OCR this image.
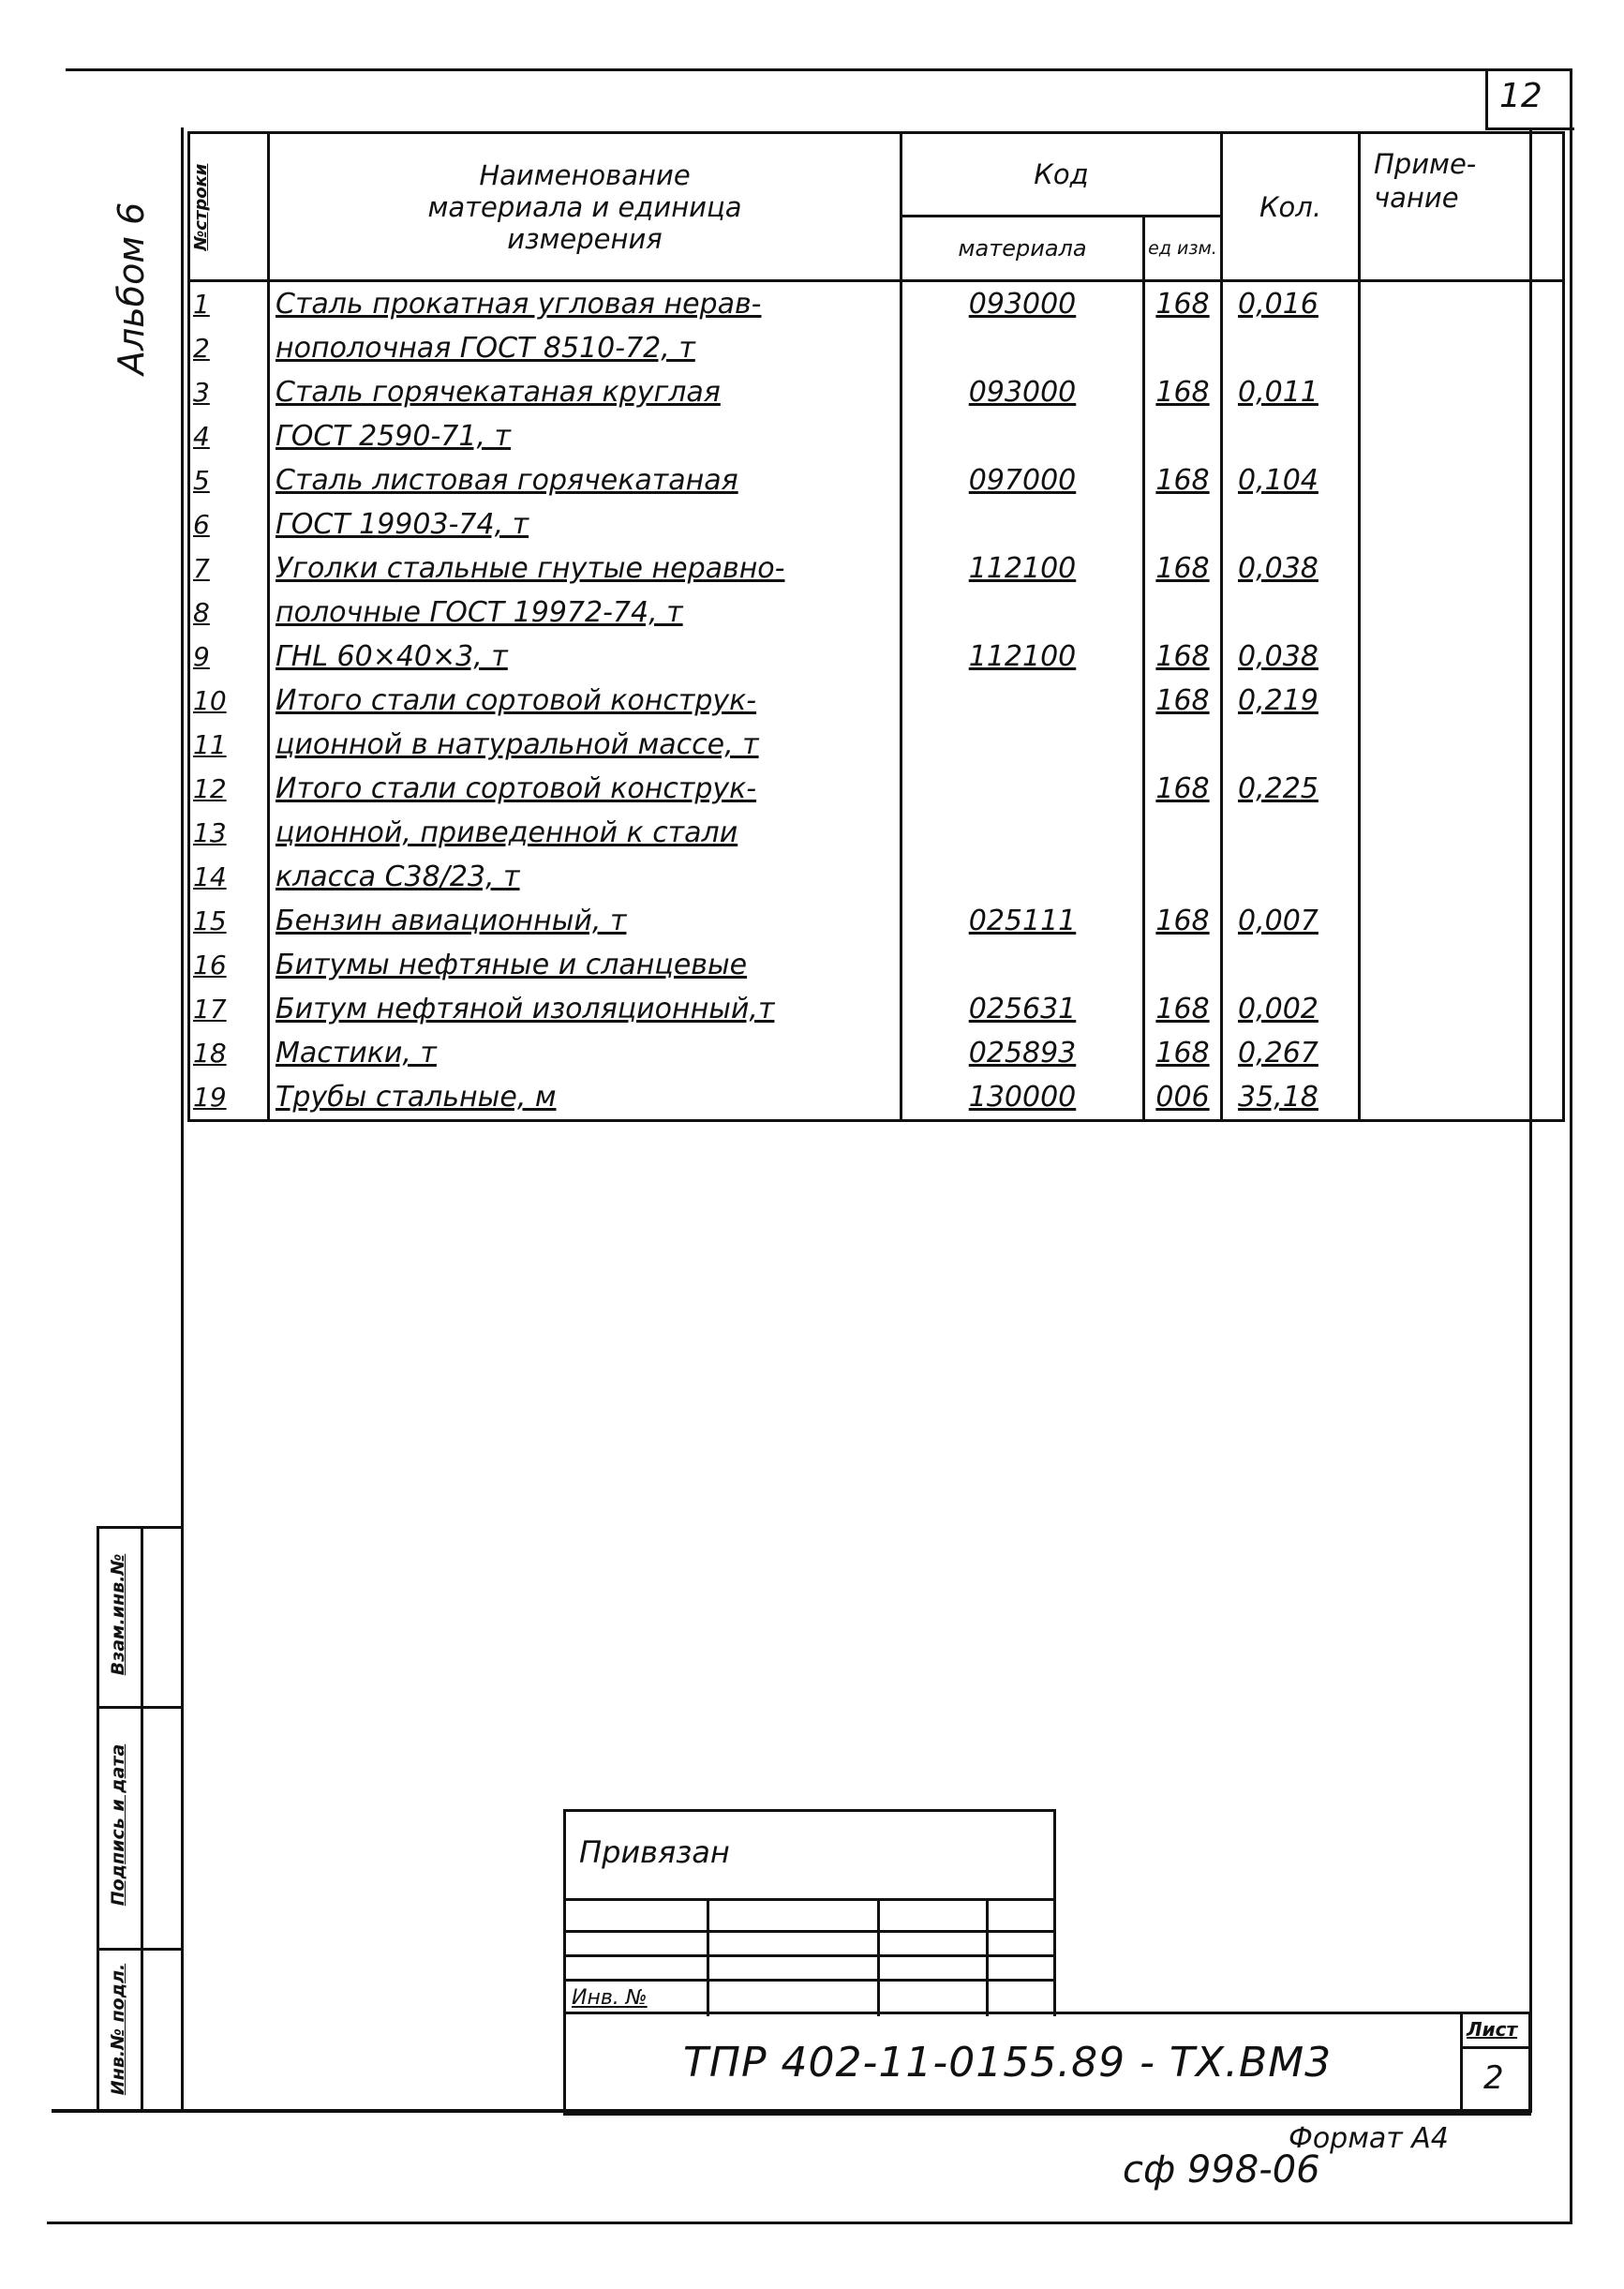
12
Альбом 6
Взам.инв.№
Подпись и дата
Инв.№ подл.
№строки	Наименование
материала и единица
измерения	Код		Кол.	Приме- чание
		материала	ед изм.		
1	Сталь прокатная угловая нерав-	093000	168	0,016	
2	нополочная ГОСТ 8510-72, т				
3	Сталь горячекатаная круглая	093000	168	0,011	
4	ГОСТ 2590-71, т				
5	Сталь листовая горячекатаная	097000	168	0,104	
6	ГОСТ 19903-74, т				
7	Уголки стальные гнутые неравно-	112100	168	0,038	
8	полочные ГОСТ 19972-74, т				
9	ГНL 60×40×3, т	112100	168	0,038	
10	Итого стали сортовой конструк-		168	0,219	
11	ционной в натуральной массе, т				
12	Итого стали сортовой конструк-		168	0,225	
13	ционной, приведенной к стали				
14	класса С38/23, т				
15	Бензин авиационный, т	025111	168	0,007	
16	Битумы нефтяные и сланцевые				
17	Битум нефтяной изоляционный,т	025631	168	0,002	
18	Мастики, т	025893	168	0,267	
19	Трубы стальные, м	130000	006	35,18	
Привязан
Инв. №
ТПР 402-11-0155.89 - ТХ.ВМ3
Лист
2
Формат А4
сф 998-06
